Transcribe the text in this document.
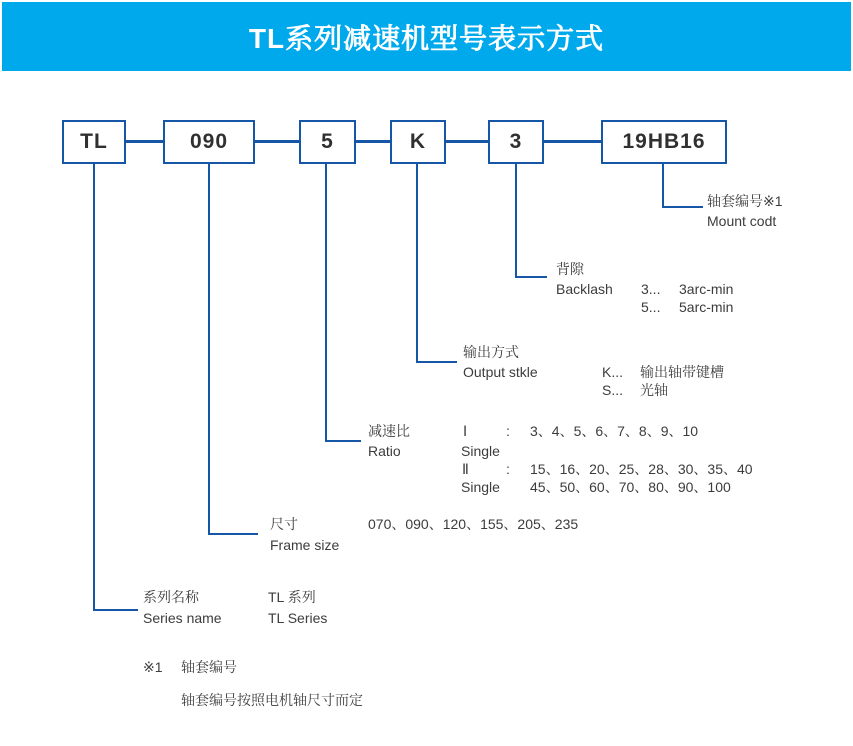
TL系列减速机型号表示方式
TL	090	5	K	3	19HB16
轴套编号※1
Mount codt
背隙
Backlash 3... 3arc-min
5... 5arc-min
输出方式
Output stkle	K... 输出轴带键槽
S... 光轴
减速比
Ratio
Ⅰ	: 3、4、5、6、7、8、9、10
Single
Ⅱ	: 15、16、20、25、28、30、35、40
Single 45、50、60、70、80、90、100
尺寸	070、090、120、155、205、235
Frame size
系列名称	TL 系列
Series name	TL Series
※1 轴套编号
轴套编号按照电机轴尺寸而定
